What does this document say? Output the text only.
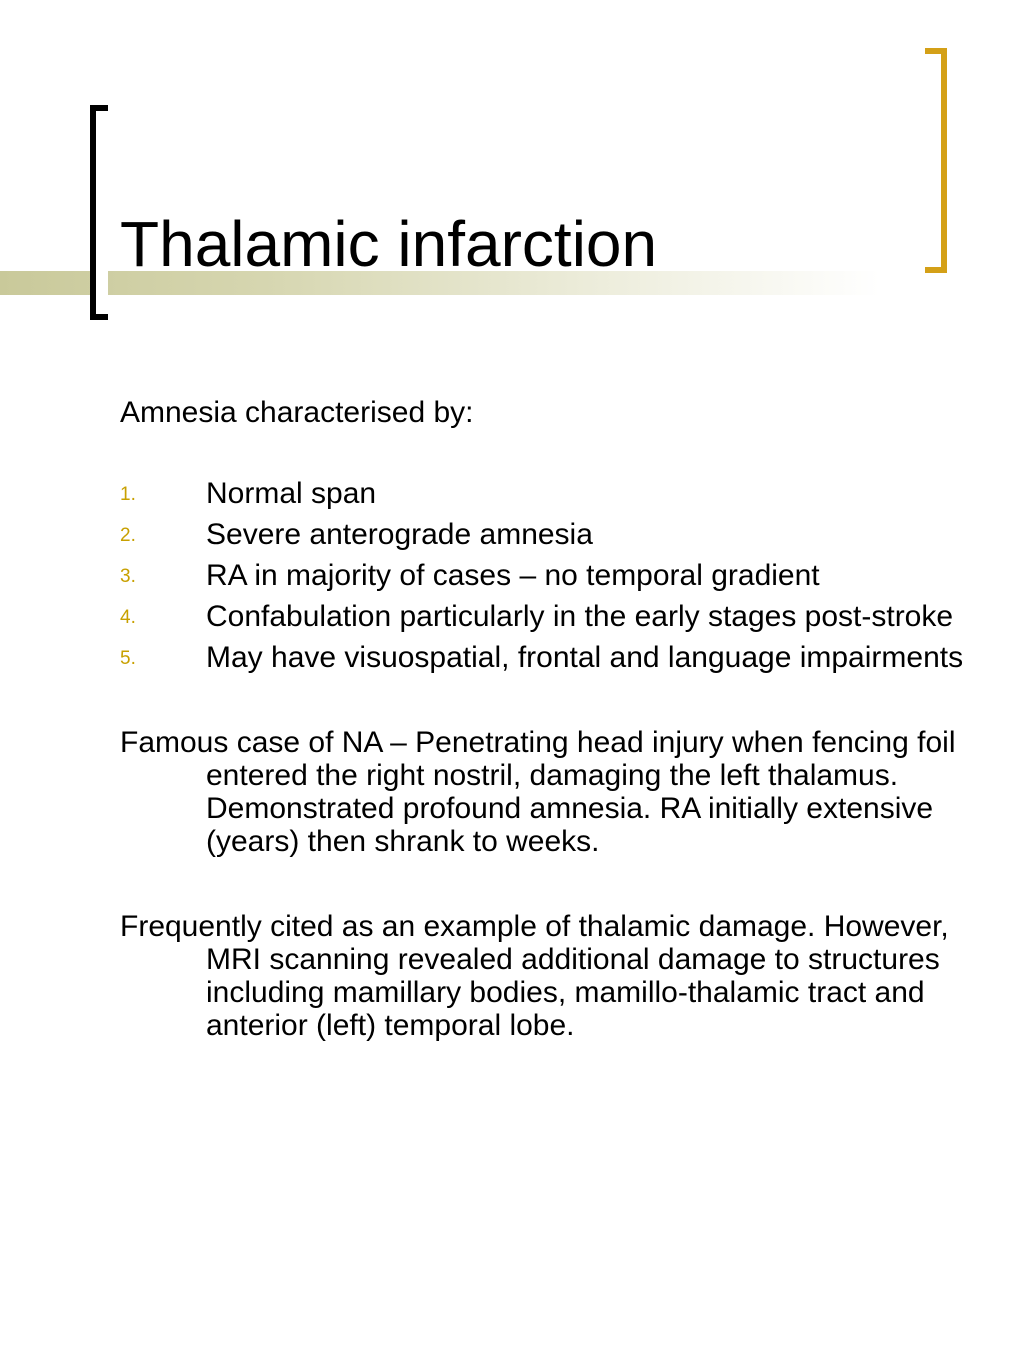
Thalamic infarction

Amnesia characterised by:

1. Normal span
2. Severe anterograde amnesia
3. RA in majority of cases – no temporal gradient
4. Confabulation particularly in the early stages post-stroke
5. May have visuospatial, frontal and language impairments

Famous case of NA – Penetrating head injury when fencing foil entered the right nostril, damaging the left thalamus. Demonstrated profound amnesia. RA initially extensive (years) then shrank to weeks.

Frequently cited as an example of thalamic damage. However, MRI scanning revealed additional damage to structures including mamillary bodies, mamillo-thalamic tract and anterior (left) temporal lobe.
